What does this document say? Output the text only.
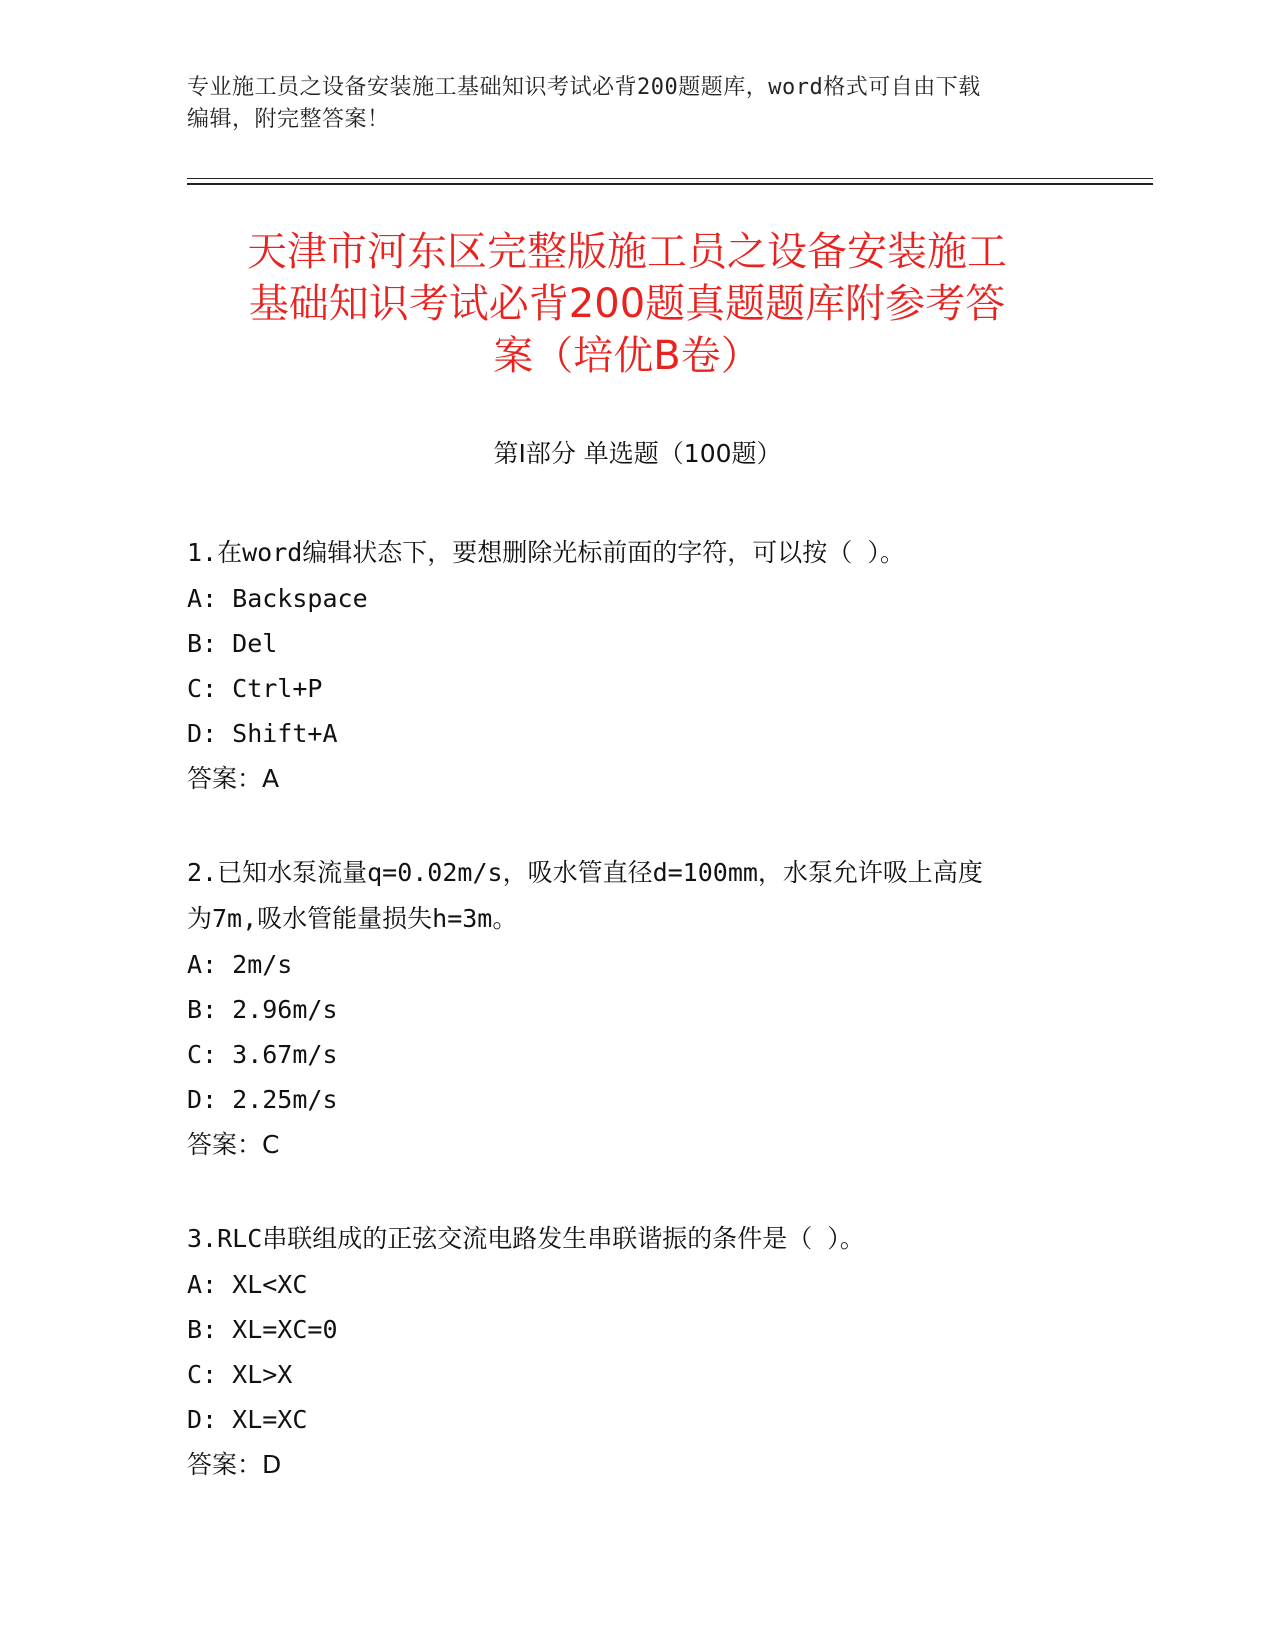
专业施工员之设备安装施工基础知识考试必背200题题库，word格式可自由下载
编辑，附完整答案！
天津市河东区完整版施工员之设备安装施工
基础知识考试必背200题真题题库附参考答
案（培优B卷）
第Ⅰ部分 单选题（100题）
1.在word编辑状态下，要想删除光标前面的字符，可以按（ ）。
A: Backspace
B: Del
C: Ctrl+P
D: Shift+A
答案：A
2.已知水泵流量q=0.02m/s，吸水管直径d=100mm，水泵允许吸上高度
为7m,吸水管能量损失h=3m。
A: 2m/s
B: 2.96m/s
C: 3.67m/s
D: 2.25m/s
答案：C
3.RLC串联组成的正弦交流电路发生串联谐振的条件是（ ）。
A: XL<XC
B: XL=XC=0
C: XL>X
D: XL=XC
答案：D
